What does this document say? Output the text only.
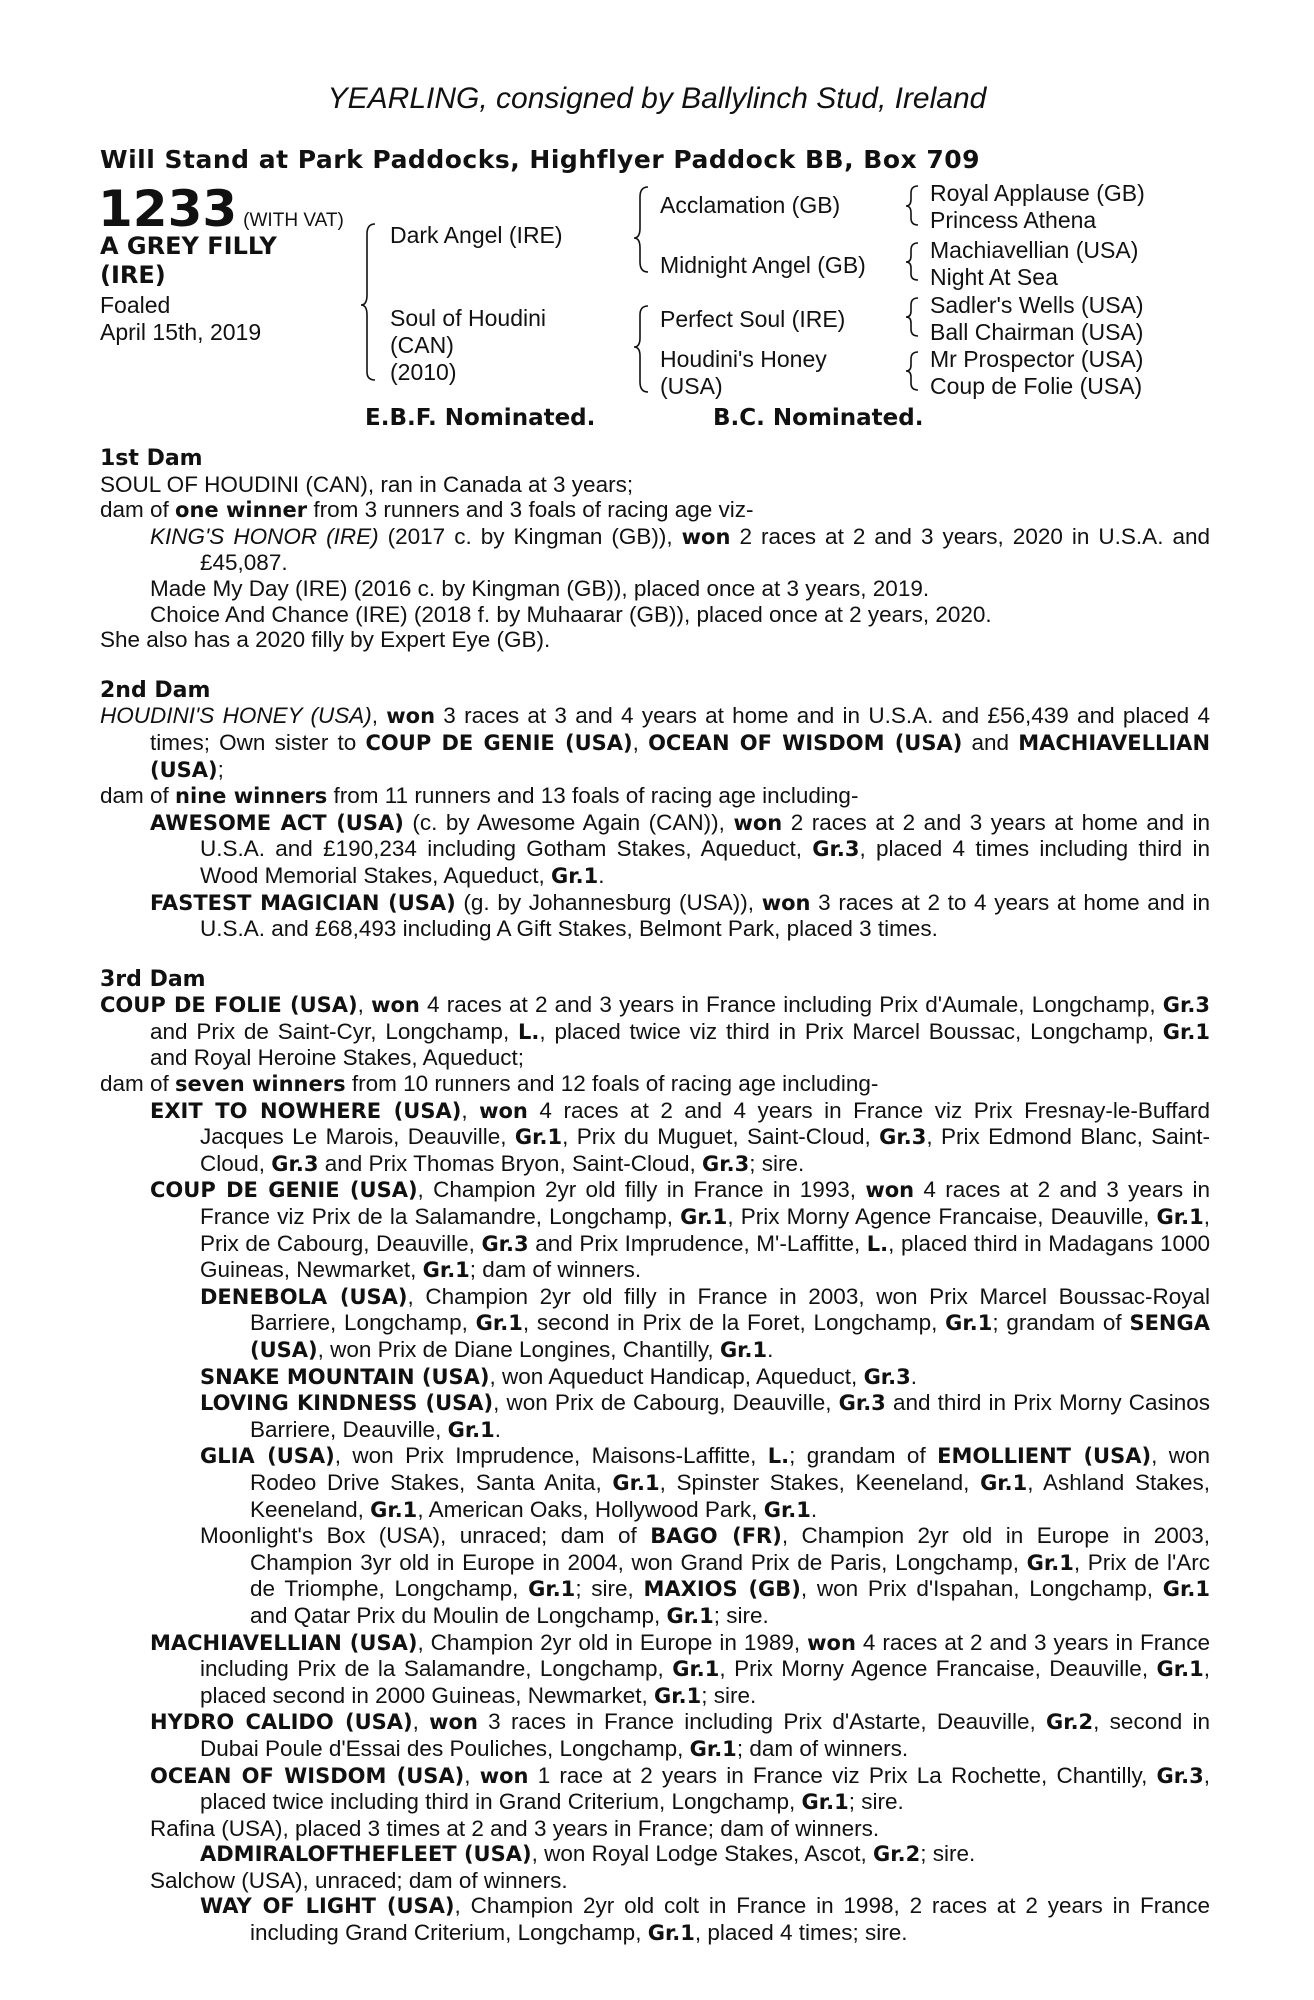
YEARLING, consigned by Ballylinch Stud, Ireland
Will Stand at Park Paddocks, Highflyer Paddock BB, Box 709
1233 (WITH VAT)
A GREY FILLY (IRE)
Foaled
April 15th, 2019
Dark Angel (IRE)
Soul of Houdini
(CAN)
(2010)
Acclamation (GB)
Midnight Angel (GB)
Perfect Soul (IRE)
Houdini's Honey
(USA)
Royal Applause (GB)
Princess Athena
Machiavellian (USA)
Night At Sea
Sadler's Wells (USA)
Ball Chairman (USA)
Mr Prospector (USA)
Coup de Folie (USA)
E.B.F. Nominated.	B.C. Nominated.

1st Dam

SOUL OF HOUDINI (CAN), ran in Canada at 3 years;

dam of one winner from 3 runners and 3 foals of racing age viz-

KING'S HONOR (IRE) (2017 c. by Kingman (GB)), won 2 races at 2 and 3 years, 2020 in U.S.A. and £45,087.

Made My Day (IRE) (2016 c. by Kingman (GB)), placed once at 3 years, 2019.

Choice And Chance (IRE) (2018 f. by Muhaarar (GB)), placed once at 2 years, 2020.

She also has a 2020 filly by Expert Eye (GB).

2nd Dam

HOUDINI'S HONEY (USA), won 3 races at 3 and 4 years at home and in U.S.A. and £56,439 and placed 4 times; Own sister to COUP DE GENIE (USA), OCEAN OF WISDOM (USA) and MACHIAVELLIAN (USA);

dam of nine winners from 11 runners and 13 foals of racing age including-

AWESOME ACT (USA) (c. by Awesome Again (CAN)), won 2 races at 2 and 3 years at home and in U.S.A. and £190,234 including Gotham Stakes, Aqueduct, Gr.3, placed 4 times including third in Wood Memorial Stakes, Aqueduct, Gr.1.

FASTEST MAGICIAN (USA) (g. by Johannesburg (USA)), won 3 races at 2 to 4 years at home and in U.S.A. and £68,493 including A Gift Stakes, Belmont Park, placed 3 times.

3rd Dam

COUP DE FOLIE (USA), won 4 races at 2 and 3 years in France including Prix d'Aumale, Longchamp, Gr.3 and Prix de Saint-Cyr, Longchamp, L., placed twice viz third in Prix Marcel Boussac, Longchamp, Gr.1 and Royal Heroine Stakes, Aqueduct;

dam of seven winners from 10 runners and 12 foals of racing age including-

EXIT TO NOWHERE (USA), won 4 races at 2 and 4 years in France viz Prix Fresnay-le-Buffard Jacques Le Marois, Deauville, Gr.1, Prix du Muguet, Saint-Cloud, Gr.3, Prix Edmond Blanc, Saint-Cloud, Gr.3 and Prix Thomas Bryon, Saint-Cloud, Gr.3; sire.

COUP DE GENIE (USA), Champion 2yr old filly in France in 1993, won 4 races at 2 and 3 years in France viz Prix de la Salamandre, Longchamp, Gr.1, Prix Morny Agence Francaise, Deauville, Gr.1, Prix de Cabourg, Deauville, Gr.3 and Prix Imprudence, M'-Laffitte, L., placed third in Madagans 1000 Guineas, Newmarket, Gr.1; dam of winners.

DENEBOLA (USA), Champion 2yr old filly in France in 2003, won Prix Marcel Boussac-Royal Barriere, Longchamp, Gr.1, second in Prix de la Foret, Longchamp, Gr.1; grandam of SENGA (USA), won Prix de Diane Longines, Chantilly, Gr.1.

SNAKE MOUNTAIN (USA), won Aqueduct Handicap, Aqueduct, Gr.3.

LOVING KINDNESS (USA), won Prix de Cabourg, Deauville, Gr.3 and third in Prix Morny Casinos Barriere, Deauville, Gr.1.

GLIA (USA), won Prix Imprudence, Maisons-Laffitte, L.; grandam of EMOLLIENT (USA), won Rodeo Drive Stakes, Santa Anita, Gr.1, Spinster Stakes, Keeneland, Gr.1, Ashland Stakes, Keeneland, Gr.1, American Oaks, Hollywood Park, Gr.1.

Moonlight's Box (USA), unraced; dam of BAGO (FR), Champion 2yr old in Europe in 2003, Champion 3yr old in Europe in 2004, won Grand Prix de Paris, Longchamp, Gr.1, Prix de l'Arc de Triomphe, Longchamp, Gr.1; sire, MAXIOS (GB), won Prix d'Ispahan, Longchamp, Gr.1 and Qatar Prix du Moulin de Longchamp, Gr.1; sire.

MACHIAVELLIAN (USA), Champion 2yr old in Europe in 1989, won 4 races at 2 and 3 years in France including Prix de la Salamandre, Longchamp, Gr.1, Prix Morny Agence Francaise, Deauville, Gr.1, placed second in 2000 Guineas, Newmarket, Gr.1; sire.

HYDRO CALIDO (USA), won 3 races in France including Prix d'Astarte, Deauville, Gr.2, second in Dubai Poule d'Essai des Pouliches, Longchamp, Gr.1; dam of winners.

OCEAN OF WISDOM (USA), won 1 race at 2 years in France viz Prix La Rochette, Chantilly, Gr.3, placed twice including third in Grand Criterium, Longchamp, Gr.1; sire.

Rafina (USA), placed 3 times at 2 and 3 years in France; dam of winners.

ADMIRALOFTHEFLEET (USA), won Royal Lodge Stakes, Ascot, Gr.2; sire.

Salchow (USA), unraced; dam of winners.

WAY OF LIGHT (USA), Champion 2yr old colt in France in 1998, 2 races at 2 years in France including Grand Criterium, Longchamp, Gr.1, placed 4 times; sire.
